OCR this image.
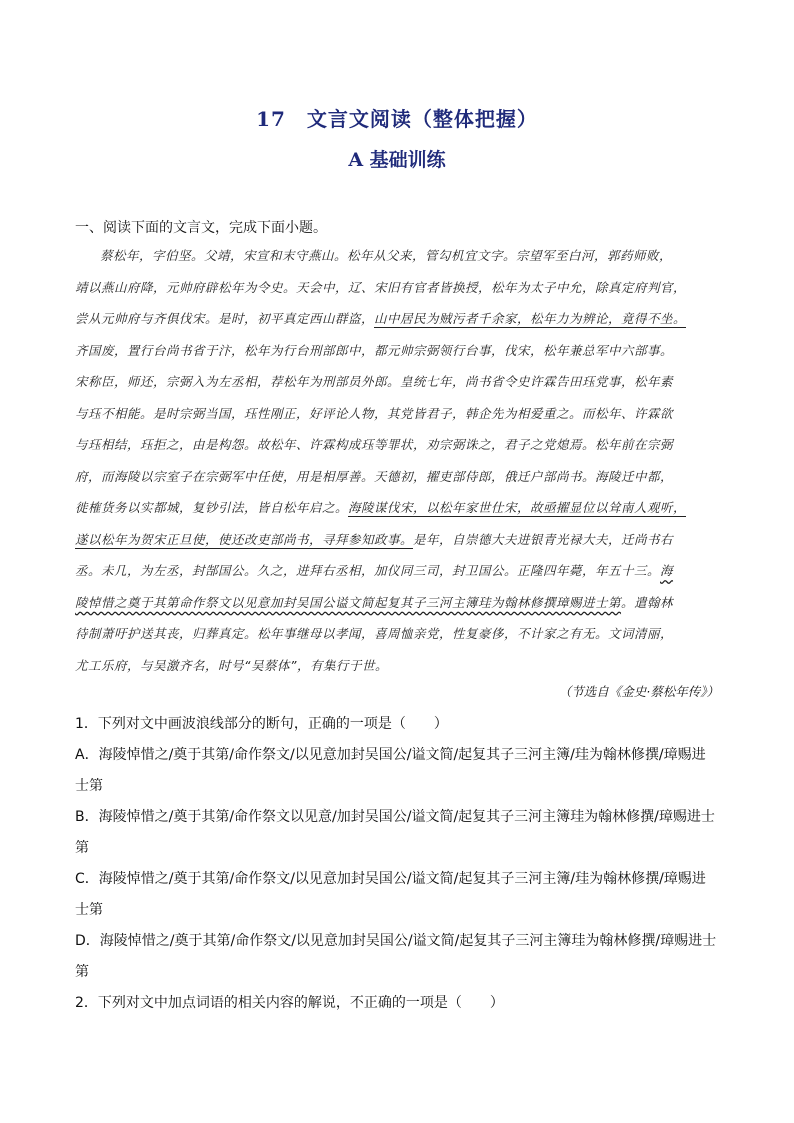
17　文言文阅读（整体把握）
A 基础训练
一、阅读下面的文言文，完成下面小题。
蔡松年，字伯坚。父靖，宋宣和末守燕山。松年从父来，管勾机宜文字。宗望军至白河，郭药师败，
靖以燕山府降，元帅府辟松年为令史。天会中，辽、宋旧有官者皆换授，松年为太子中允，除真定府判官，
尝从元帅府与齐俱伐宋。是时，初平真定西山群盗，山中居民为贼污者千余家，松年力为辨论，竟得不坐。
齐国废，置行台尚书省于汴，松年为行台刑部郎中，都元帅宗弼领行台事，伐宋，松年兼总军中六部事。
宋称臣，师还，宗弼入为左丞相，荐松年为刑部员外郎。皇统七年，尚书省令史许霖告田珏党事，松年素
与珏不相能。是时宗弼当国，珏性刚正，好评论人物，其党皆君子，韩企先为相爱重之。而松年、许霖欲
与珏相结，珏拒之，由是构怨。故松年、许霖构成珏等罪状，劝宗弼诛之，君子之党熄焉。松年前在宗弼
府，而海陵以宗室子在宗弼军中任使，用是相厚善。天德初，擢吏部侍郎，俄迁户部尚书。海陵迁中都，
徙榷货务以实都城，复钞引法，皆自松年启之。海陵谋伐宋，以松年家世仕宋，故亟擢显位以耸南人观听，
遂以松年为贺宋正旦使，使还改吏部尚书，寻拜参知政事。是年，自崇德大夫进银青光禄大夫，迁尚书右
丞。未几，为左丞，封郜国公。久之，进拜右丞相，加仪同三司，封卫国公。正隆四年薨，年五十三。海
陵悼惜之奠于其第命作祭文以见意加封吴国公谥文简起复其子三河主簿珪为翰林修撰璋赐进士第。遣翰林
待制萧吁护送其丧，归葬真定。松年事继母以孝闻，喜周恤亲党，性复豪侈，不计家之有无。文词清丽，
尤工乐府，与吴激齐名，时号“吴蔡体”，有集行于世。
（节选自《金史·蔡松年传》）
1．下列对文中画波浪线部分的断句，正确的一项是（　　）
A．海陵悼惜之/奠于其第/命作祭文/以见意加封吴国公/谥文简/起复其子三河主簿/珪为翰林修撰/璋赐进
士第
B．海陵悼惜之/奠于其第/命作祭文以见意/加封吴国公/谥文简/起复其子三河主簿珪为翰林修撰/璋赐进士
第
C．海陵悼惜之/奠于其第/命作祭文/以见意加封吴国公/谥文简/起复其子三河主簿/珪为翰林修撰/璋赐进
士第
D．海陵悼惜之/奠于其第/命作祭文/以见意加封吴国公/谥文简/起复其子三河主簿珪为翰林修撰/璋赐进士
第
2．下列对文中加点词语的相关内容的解说，不正确的一项是（　　）
